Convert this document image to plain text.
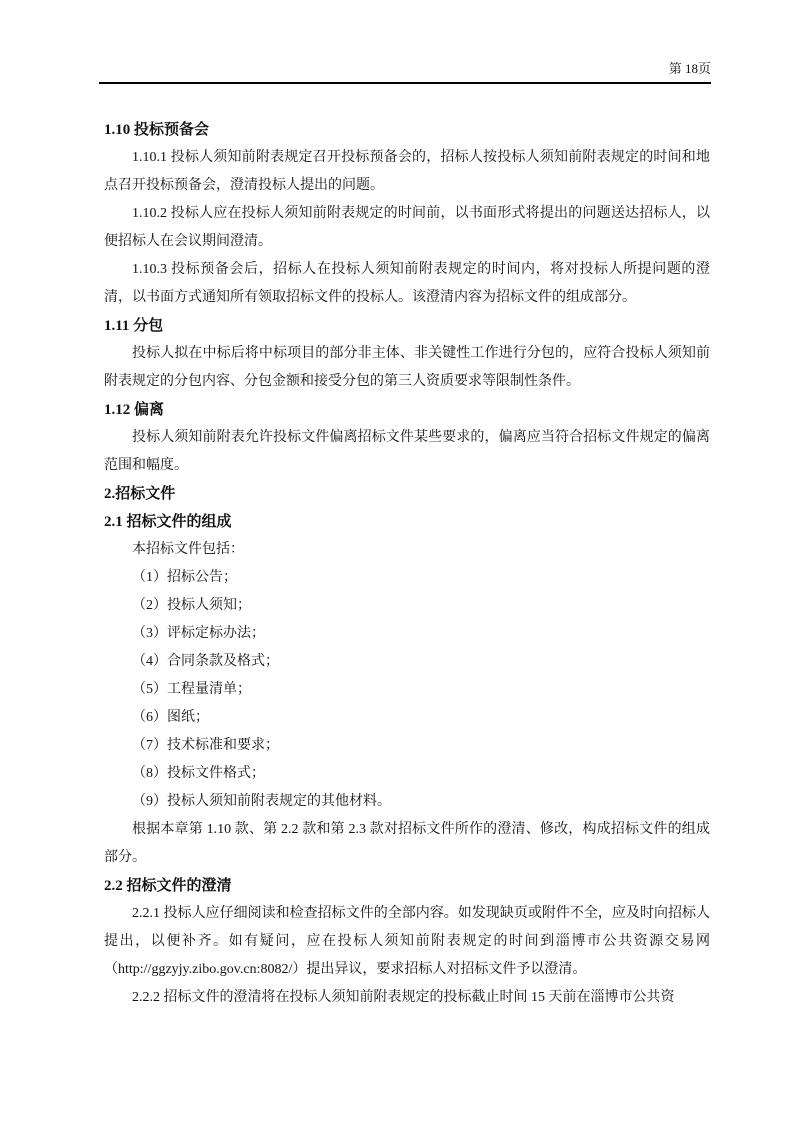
第 18页
1.10 投标预备会
1.10.1 投标人须知前附表规定召开投标预备会的，招标人按投标人须知前附表规定的时间和地点召开投标预备会，澄清投标人提出的问题。
1.10.2 投标人应在投标人须知前附表规定的时间前，以书面形式将提出的问题送达招标人，以便招标人在会议期间澄清。
1.10.3 投标预备会后，招标人在投标人须知前附表规定的时间内，将对投标人所提问题的澄清，以书面方式通知所有领取招标文件的投标人。该澄清内容为招标文件的组成部分。
1.11 分包
投标人拟在中标后将中标项目的部分非主体、非关键性工作进行分包的，应符合投标人须知前附表规定的分包内容、分包金额和接受分包的第三人资质要求等限制性条件。
1.12 偏离
投标人须知前附表允许投标文件偏离招标文件某些要求的，偏离应当符合招标文件规定的偏离范围和幅度。
2.招标文件
2.1 招标文件的组成
本招标文件包括：
（1）招标公告；
（2）投标人须知；
（3）评标定标办法；
（4）合同条款及格式；
（5）工程量清单；
（6）图纸；
（7）技术标准和要求；
（8）投标文件格式；
（9）投标人须知前附表规定的其他材料。
根据本章第 1.10 款、第 2.2 款和第 2.3 款对招标文件所作的澄清、修改，构成招标文件的组成部分。
2.2 招标文件的澄清
2.2.1 投标人应仔细阅读和检查招标文件的全部内容。如发现缺页或附件不全，应及时向招标人提出，以便补齐。如有疑问，应在投标人须知前附表规定的时间到淄博市公共资源交易网（http://ggzyjy.zibo.gov.cn:8082/）提出异议，要求招标人对招标文件予以澄清。
2.2.2 招标文件的澄清将在投标人须知前附表规定的投标截止时间 15 天前在淄博市公共资
